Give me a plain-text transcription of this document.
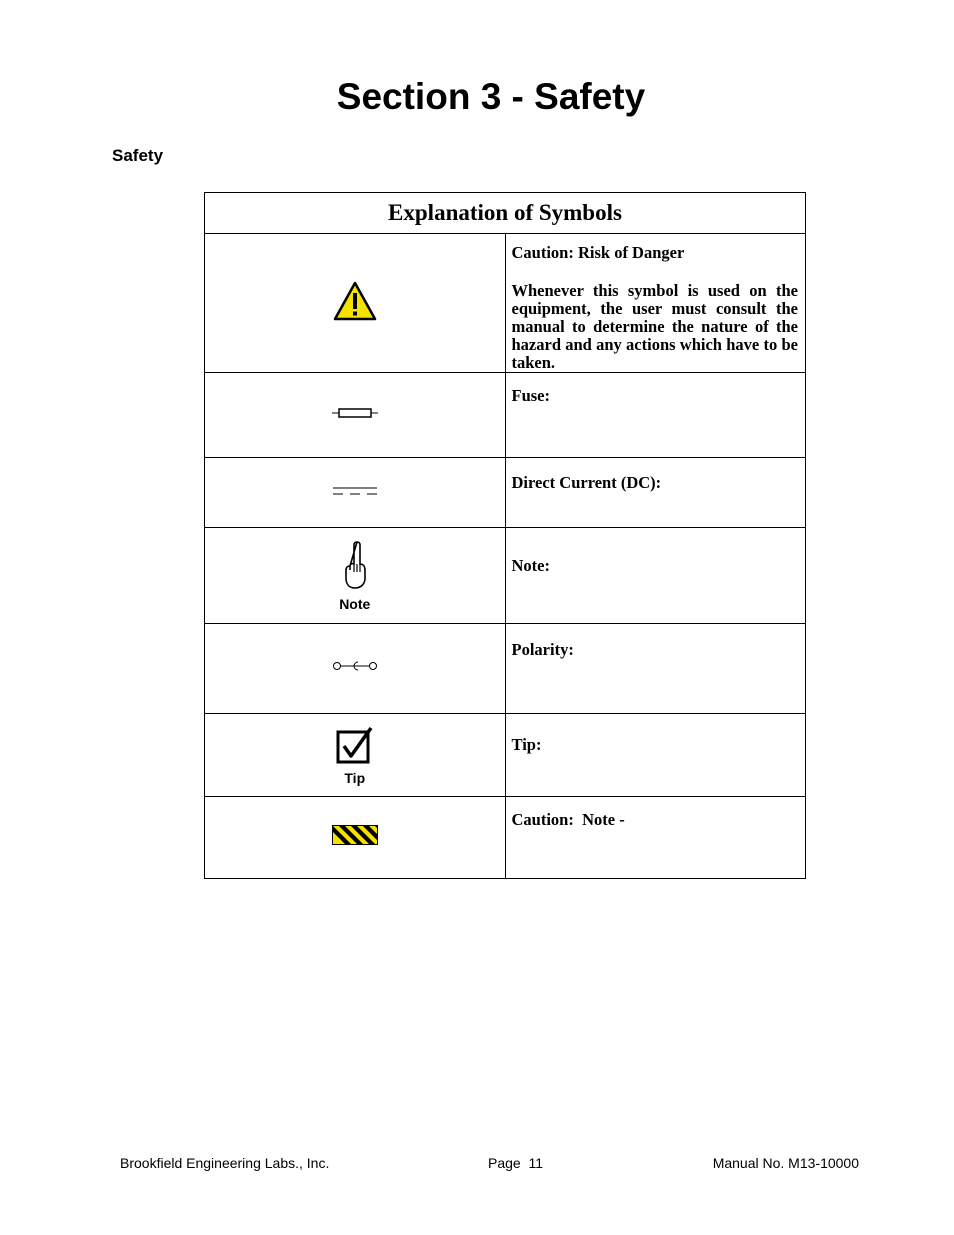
Section 3 - Safety
Safety
Explanation of Symbols	

Caution: Risk of Danger
Whenever this symbol is used on the equipment, the user must consult the manual to determine the nature of the hazard and any actions which have to be taken.

Fuse:

Direct Current (DC):

Note	Note:

Polarity:

Tip	Tip:

Caution:  Note -
Brookfield Engineering Labs., Inc.	Page  11	Manual No. M13-10000
